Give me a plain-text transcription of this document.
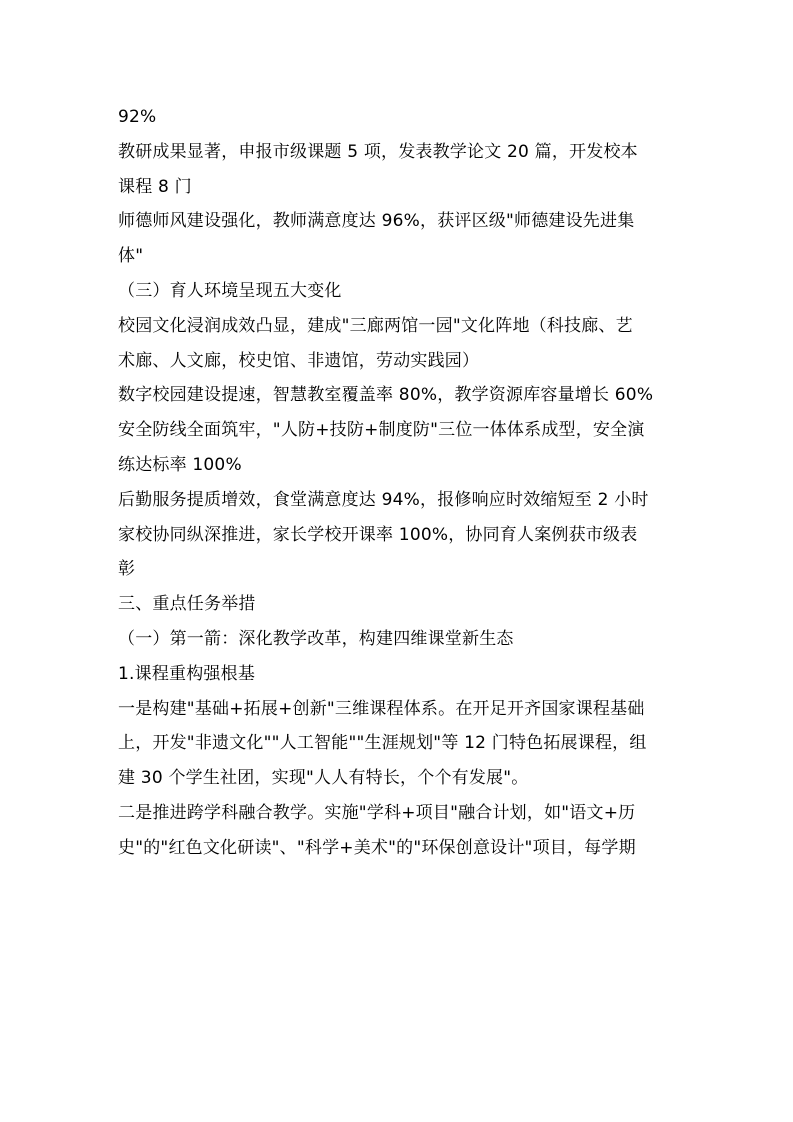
92%
教研成果显著，申报市级课题 5 项，发表教学论文 20 篇，开发校本
课程 8 门
师德师风建设强化，教师满意度达 96%，获评区级"师德建设先进集
体"
（三）育人环境呈现五大变化
校园文化浸润成效凸显，建成"三廊两馆一园"文化阵地（科技廊、艺
术廊、人文廊，校史馆、非遗馆，劳动实践园）
数字校园建设提速，智慧教室覆盖率 80%，教学资源库容量增长 60%
安全防线全面筑牢，"人防+技防+制度防"三位一体体系成型，安全演
练达标率 100%
后勤服务提质增效，食堂满意度达 94%，报修响应时效缩短至 2 小时
家校协同纵深推进，家长学校开课率 100%，协同育人案例获市级表
彰
三、重点任务举措
（一）第一箭：深化教学改革，构建四维课堂新生态
1.课程重构强根基
一是构建"基础+拓展+创新"三维课程体系。在开足开齐国家课程基础
上，开发"非遗文化""人工智能""生涯规划"等 12 门特色拓展课程，组
建 30 个学生社团，实现"人人有特长，个个有发展"。
二是推进跨学科融合教学。实施"学科+项目"融合计划，如"语文+历
史"的"红色文化研读"、"科学+美术"的"环保创意设计"项目，每学期
